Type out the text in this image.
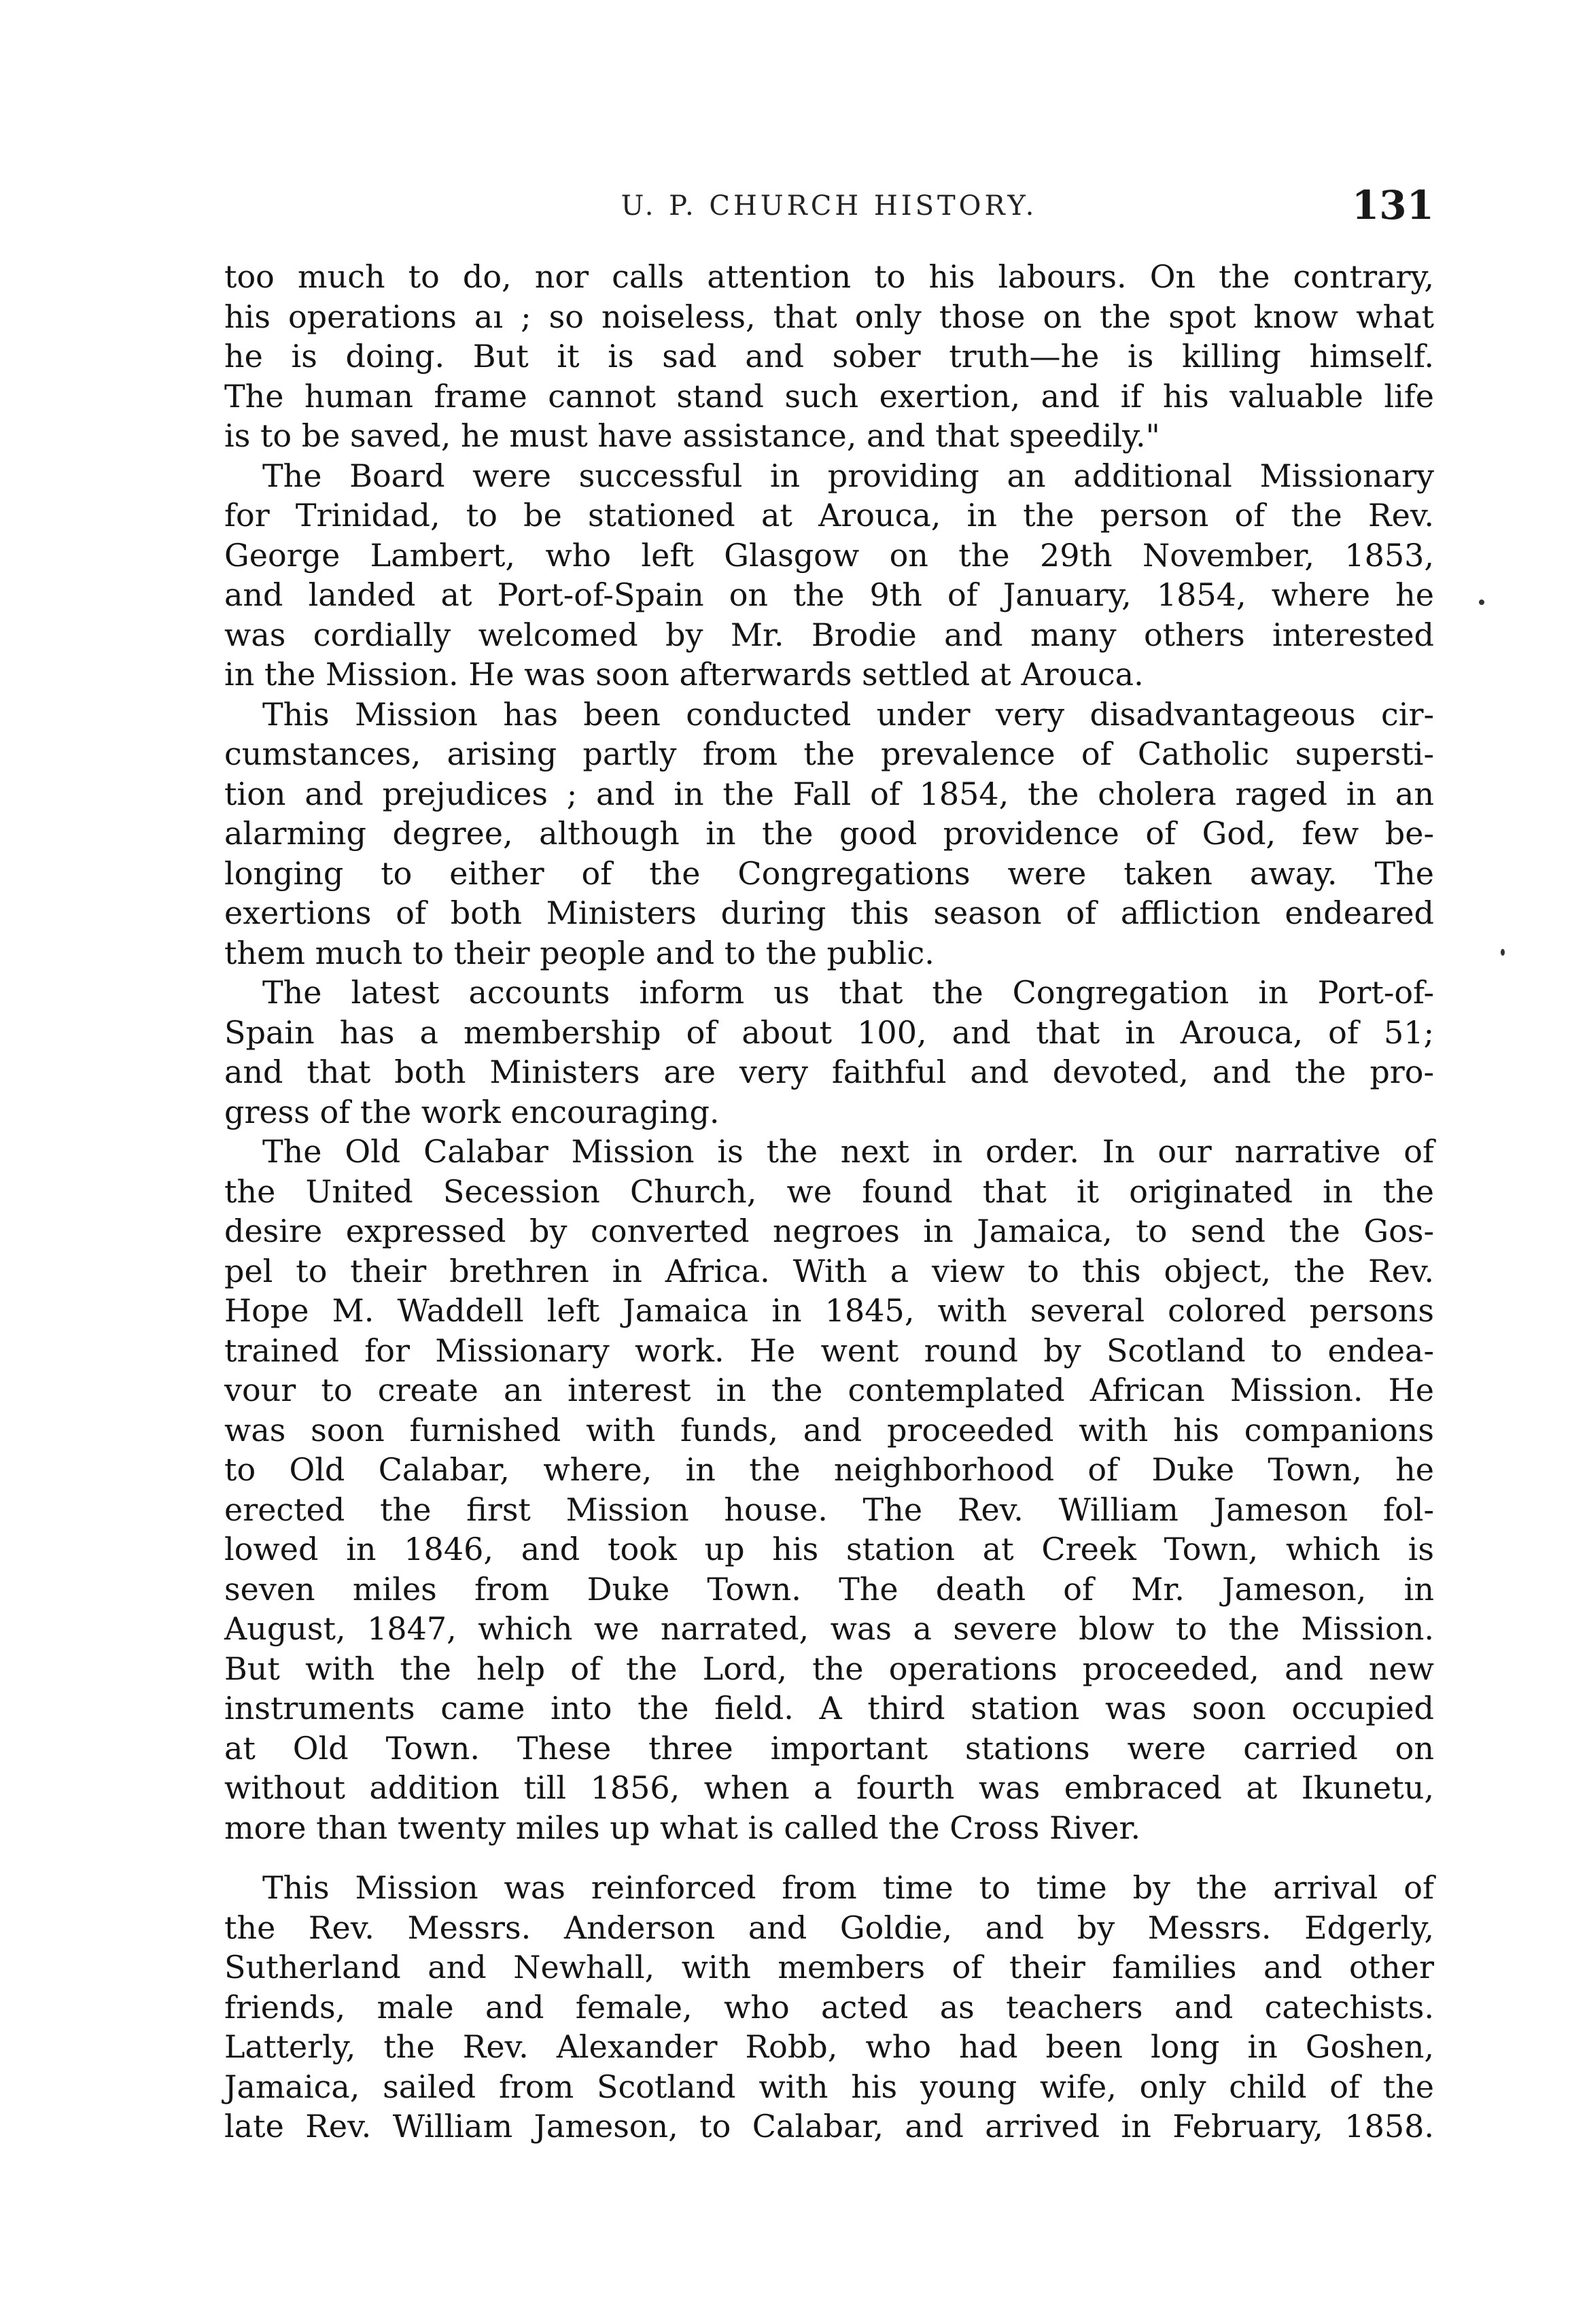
U. P. CHURCH HISTORY.	131
too much to do, nor calls attention to his labours. On the contrary,
his operations aı ; so noiseless, that only those on the spot know what
he is doing. But it is sad and sober truth—he is killing himself.
The human frame cannot stand such exertion, and if his valuable life
is to be saved, he must have assistance, and that speedily."
The Board were successful in providing an additional Missionary
for Trinidad, to be stationed at Arouca, in the person of the Rev.
George Lambert, who left Glasgow on the 29th November, 1853,
and landed at Port-of-Spain on the 9th of January, 1854, where he
was cordially welcomed by Mr. Brodie and many others interested
in the Mission. He was soon afterwards settled at Arouca.
This Mission has been conducted under very disadvantageous cir-
cumstances, arising partly from the prevalence of Catholic supersti-
tion and prejudices ; and in the Fall of 1854, the cholera raged in an
alarming degree, although in the good providence of God, few be-
longing to either of the Congregations were taken away. The
exertions of both Ministers during this season of affliction endeared
them much to their people and to the public.
The latest accounts inform us that the Congregation in Port-of-
Spain has a membership of about 100, and that in Arouca, of 51;
and that both Ministers are very faithful and devoted, and the pro-
gress of the work encouraging.
The Old Calabar Mission is the next in order. In our narrative of
the United Secession Church, we found that it originated in the
desire expressed by converted negroes in Jamaica, to send the Gos-
pel to their brethren in Africa. With a view to this object, the Rev.
Hope M. Waddell left Jamaica in 1845, with several colored persons
trained for Missionary work. He went round by Scotland to endea-
vour to create an interest in the contemplated African Mission. He
was soon furnished with funds, and proceeded with his companions
to Old Calabar, where, in the neighborhood of Duke Town, he
erected the first Mission house. The Rev. William Jameson fol-
lowed in 1846, and took up his station at Creek Town, which is
seven miles from Duke Town. The death of Mr. Jameson, in
August, 1847, which we narrated, was a severe blow to the Mission.
But with the help of the Lord, the operations proceeded, and new
instruments came into the field. A third station was soon occupied
at Old Town. These three important stations were carried on
without addition till 1856, when a fourth was embraced at Ikunetu,
more than twenty miles up what is called the Cross River.
This Mission was reinforced from time to time by the arrival of
the Rev. Messrs. Anderson and Goldie, and by Messrs. Edgerly,
Sutherland and Newhall, with members of their families and other
friends, male and female, who acted as teachers and catechists.
Latterly, the Rev. Alexander Robb, who had been long in Goshen,
Jamaica, sailed from Scotland with his young wife, only child of the
late Rev. William Jameson, to Calabar, and arrived in February, 1858.
